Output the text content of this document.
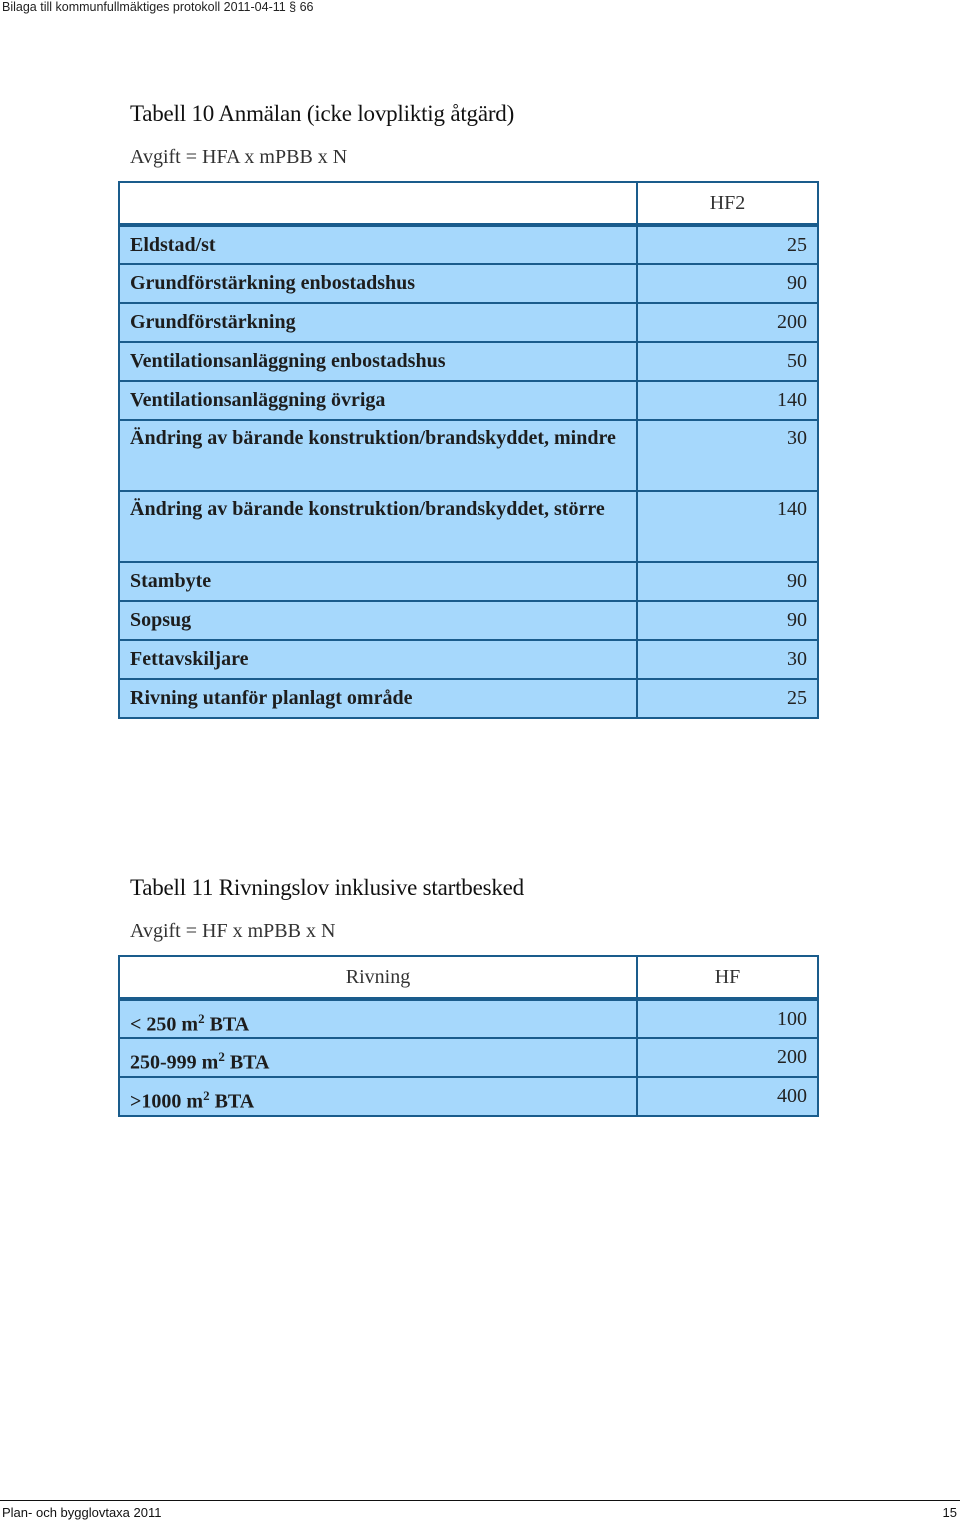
Bilaga till kommunfullmäktiges protokoll 2011-04-11 § 66
Tabell 10 Anmälan (icke lovpliktig åtgärd)
Avgift = HFA x mPBB x N
	HF2
Eldstad/st	25
Grundförstärkning enbostadshus	90
Grundförstärkning	200
Ventilationsanläggning enbostadshus	50
Ventilationsanläggning övriga	140
Ändring av bärande konstruktion/brandskyddet, mindre	30
Ändring av bärande konstruktion/brandskyddet, större	140
Stambyte	90
Sopsug	90
Fettavskiljare	30
Rivning utanför planlagt område	25
Tabell 11 Rivningslov inklusive startbesked
Avgift = HF x mPBB x N
Rivning	HF
< 250 $m^2$ BTA	100
250-999 $m^2$ BTA	200
>1000 $m^2$ BTA	400
Plan- och bygglovtaxa 2011	15
